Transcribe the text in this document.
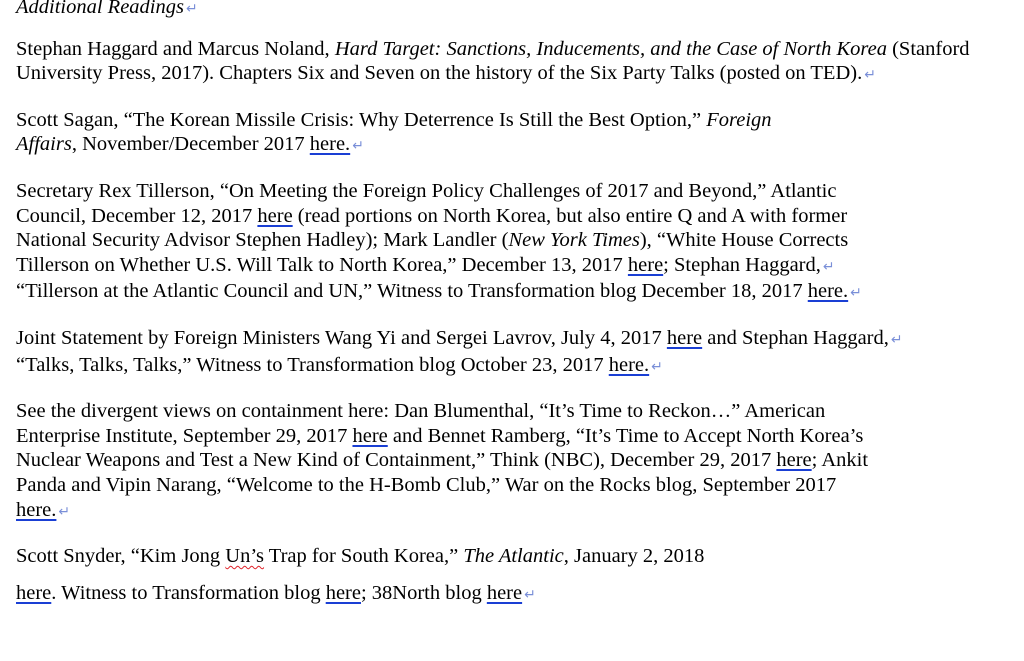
Additional Readings ↵
Stephan Haggard and Marcus Noland, Hard Target: Sanctions, Inducements, and the Case of North Korea (Stanford University Press, 2017). Chapters Six and Seven on the history of the Six Party Talks (posted on TED). ↵
Scott Sagan, “The Korean Missile Crisis: Why Deterrence Is Still the Best Option,” Foreign
Affairs, November/December 2017 here. ↵
Secretary Rex Tillerson, “On Meeting the Foreign Policy Challenges of 2017 and Beyond,” Atlantic
Council, December 12, 2017 here (read portions on North Korea, but also entire Q and A with former
National Security Advisor Stephen Hadley); Mark Landler (New York Times), “White House Corrects
Tillerson on Whether U.S. Will Talk to North Korea,” December 13, 2017 here; Stephan Haggard, ↵
“Tillerson at the Atlantic Council and UN,” Witness to Transformation blog December 18, 2017 here. ↵
Joint Statement by Foreign Ministers Wang Yi and Sergei Lavrov, July 4, 2017 here and Stephan Haggard, ↵
“Talks, Talks, Talks,” Witness to Transformation blog October 23, 2017 here. ↵
See the divergent views on containment here: Dan Blumenthal, “It’s Time to Reckon…” American
Enterprise Institute, September 29, 2017 here and Bennet Ramberg, “It’s Time to Accept North Korea’s
Nuclear Weapons and Test a New Kind of Containment,” Think (NBC), December 29, 2017 here; Ankit
Panda and Vipin Narang, “Welcome to the H-Bomb Club,” War on the Rocks blog, September 2017
here. ↵
Scott Snyder, “Kim Jong Un’s Trap for South Korea,” The Atlantic, January 2, 2018
here. Witness to Transformation blog here; 38North blog here ↵
